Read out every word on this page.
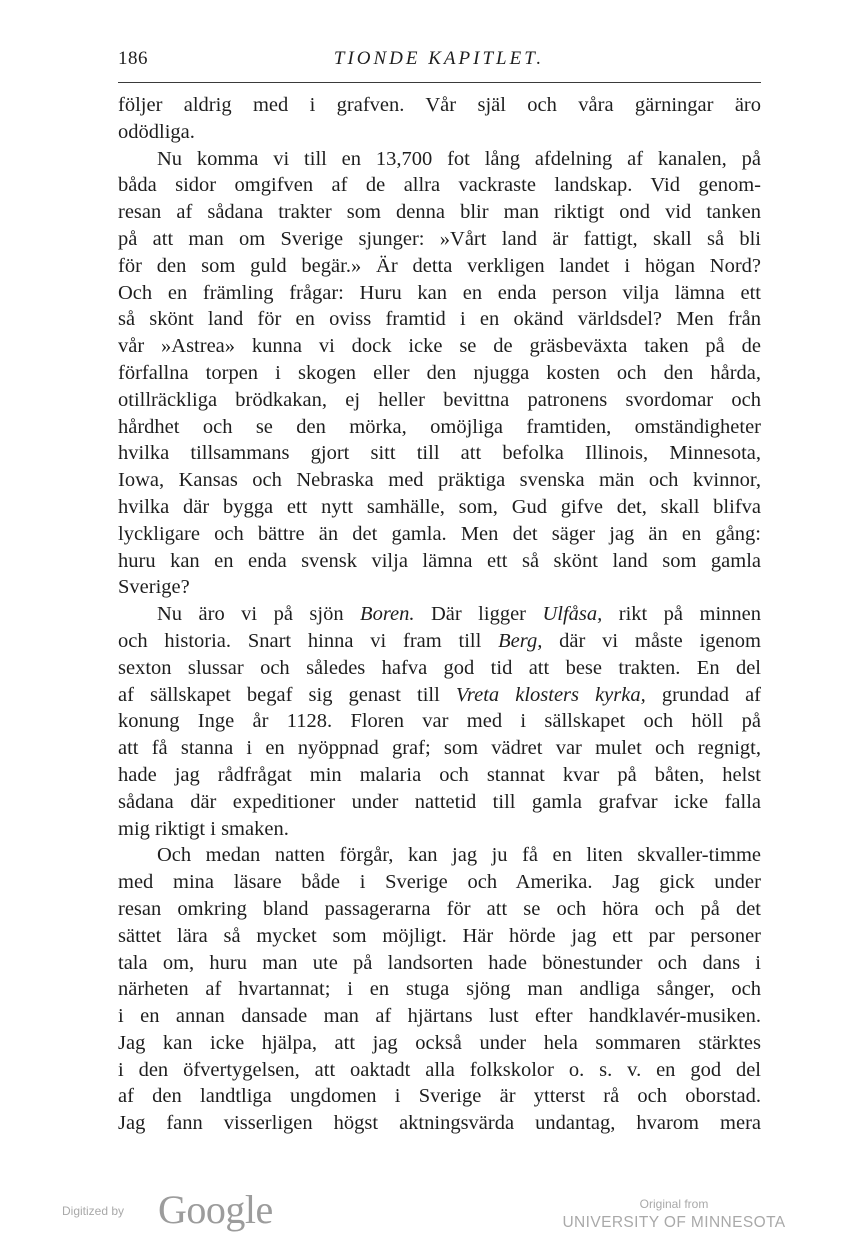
186	TIONDE KAPITLET.
följer aldrig med i grafven. Vår själ och våra gärningar äro
odödliga.
Nu komma vi till en 13,700 fot lång afdelning af kanalen, på
båda sidor omgifven af de allra vackraste landskap. Vid genom-
resan af sådana trakter som denna blir man riktigt ond vid tanken
på att man om Sverige sjunger: »Vårt land är fattigt, skall så bli
för den som guld begär.» Är detta verkligen landet i högan Nord?
Och en främling frågar: Huru kan en enda person vilja lämna ett
så skönt land för en oviss framtid i en okänd världsdel? Men från
vår »Astrea» kunna vi dock icke se de gräsbeväxta taken på de
förfallna torpen i skogen eller den njugga kosten och den hårda,
otillräckliga brödkakan, ej heller bevittna patronens svordomar och
hårdhet och se den mörka, omöjliga framtiden, omständigheter
hvilka tillsammans gjort sitt till att befolka Illinois, Minnesota,
Iowa, Kansas och Nebraska med präktiga svenska män och kvinnor,
hvilka där bygga ett nytt samhälle, som, Gud gifve det, skall blifva
lyckligare och bättre än det gamla. Men det säger jag än en gång:
huru kan en enda svensk vilja lämna ett så skönt land som gamla
Sverige?
Nu äro vi på sjön Boren. Där ligger Ulfåsa, rikt på minnen
och historia. Snart hinna vi fram till Berg, där vi måste igenom
sexton slussar och således hafva god tid att bese trakten. En del
af sällskapet begaf sig genast till Vreta klosters kyrka, grundad af
konung Inge år 1128. Floren var med i sällskapet och höll på
att få stanna i en nyöppnad graf; som vädret var mulet och regnigt,
hade jag rådfrågat min malaria och stannat kvar på båten, helst
sådana där expeditioner under nattetid till gamla grafvar icke falla
mig riktigt i smaken.
Och medan natten förgår, kan jag ju få en liten skvaller-timme
med mina läsare både i Sverige och Amerika. Jag gick under
resan omkring bland passagerarna för att se och höra och på det
sättet lära så mycket som möjligt. Här hörde jag ett par personer
tala om, huru man ute på landsorten hade bönestunder och dans i
närheten af hvartannat; i en stuga sjöng man andliga sånger, och
i en annan dansade man af hjärtans lust efter handklavér-musiken.
Jag kan icke hjälpa, att jag också under hela sommaren stärktes
i den öfvertygelsen, att oaktadt alla folkskolor o. s. v. en god del
af den landtliga ungdomen i Sverige är ytterst rå och oborstad.
Jag fann visserligen högst aktningsvärda undantag, hvarom mera
Digitized by Google	Original from
UNIVERSITY OF MINNESOTA
